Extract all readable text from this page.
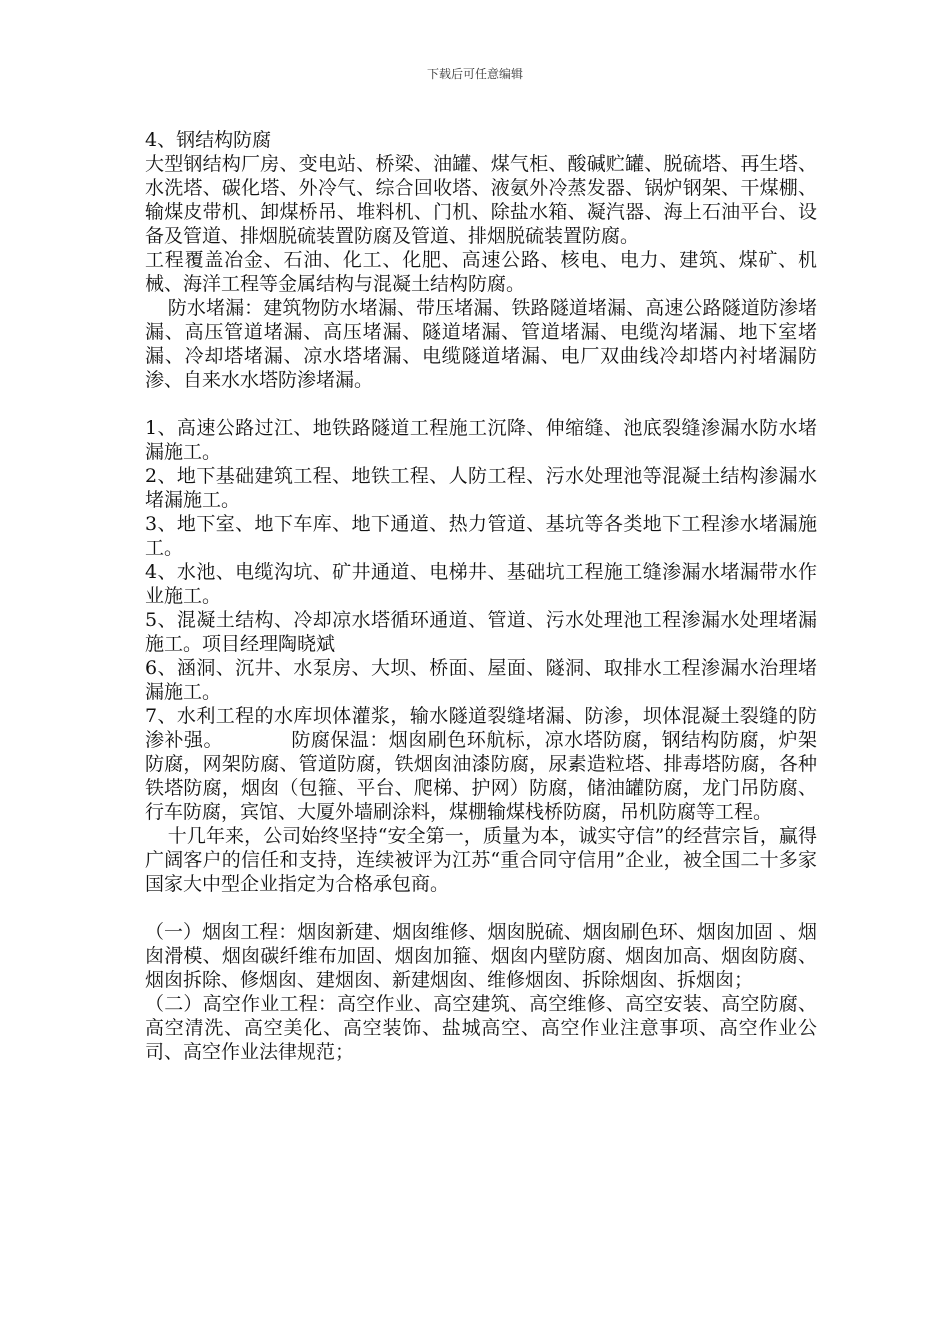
下载后可任意编辑

4、钢结构防腐

大型钢结构厂房、变电站、桥梁、油罐、煤气柜、酸碱贮罐、脱硫塔、再生塔、水洗塔、碳化塔、外冷气、综合回收塔、液氨外冷蒸发器、锅炉钢架、干煤棚、输煤皮带机、卸煤桥吊、堆料机、门机、除盐水箱、凝汽器、海上石油平台、设备及管道、排烟脱硫装置防腐及管道、排烟脱硫装置防腐。

工程覆盖冶金、石油、化工、化肥、高速公路、核电、电力、建筑、煤矿、机械、海洋工程等金属结构与混凝土结构防腐。

防水堵漏：建筑物防水堵漏、带压堵漏、铁路隧道堵漏、高速公路隧道防渗堵漏、高压管道堵漏、高压堵漏、隧道堵漏、管道堵漏、电缆沟堵漏、地下室堵漏、冷却塔堵漏、凉水塔堵漏、电缆隧道堵漏、电厂双曲线冷却塔内衬堵漏防渗、自来水水塔防渗堵漏。

1、高速公路过江、地铁路隧道工程施工沉降、伸缩缝、池底裂缝渗漏水防水堵漏施工。

2、地下基础建筑工程、地铁工程、人防工程、污水处理池等混凝土结构渗漏水堵漏施工。

3、地下室、地下车库、地下通道、热力管道、基坑等各类地下工程渗水堵漏施工。

4、水池、电缆沟坑、矿井通道、电梯井、基础坑工程施工缝渗漏水堵漏带水作业施工。

5、混凝土结构、冷却凉水塔循环通道、管道、污水处理池工程渗漏水处理堵漏施工。项目经理陶晓斌

6、涵洞、沉井、水泵房、大坝、桥面、屋面、隧洞、取排水工程渗漏水治理堵漏施工。

7、水利工程的水库坝体灌浆，输水隧道裂缝堵漏、防渗，坝体混凝土裂缝的防渗补强。　　　　防腐保温：烟囱刷色环航标，凉水塔防腐，钢结构防腐，炉架防腐，网架防腐、管道防腐，铁烟囱油漆防腐，尿素造粒塔、排毒塔防腐，各种铁塔防腐，烟囱（包箍、平台、爬梯、护网）防腐，储油罐防腐，龙门吊防腐、行车防腐，宾馆、大厦外墙刷涂料，煤棚输煤栈桥防腐，吊机防腐等工程。

十几年来，公司始终坚持“安全第一，质量为本，诚实守信”的经营宗旨，赢得广阔客户的信任和支持，连续被评为江苏“重合同守信用”企业，被全国二十多家国家大中型企业指定为合格承包商。

（一）烟囱工程：烟囱新建、烟囱维修、烟囱脱硫、烟囱刷色环、烟囱加固 、烟囱滑模、烟囱碳纤维布加固、烟囱加箍、烟囱内壁防腐、烟囱加高、烟囱防腐、烟囱拆除、修烟囱、建烟囱、新建烟囱、维修烟囱、拆除烟囱、拆烟囱；

（二）高空作业工程：高空作业、高空建筑、高空维修、高空安装、高空防腐、高空清洗、高空美化、高空装饰、盐城高空、高空作业注意事项、高空作业公司、高空作业法律规范；
